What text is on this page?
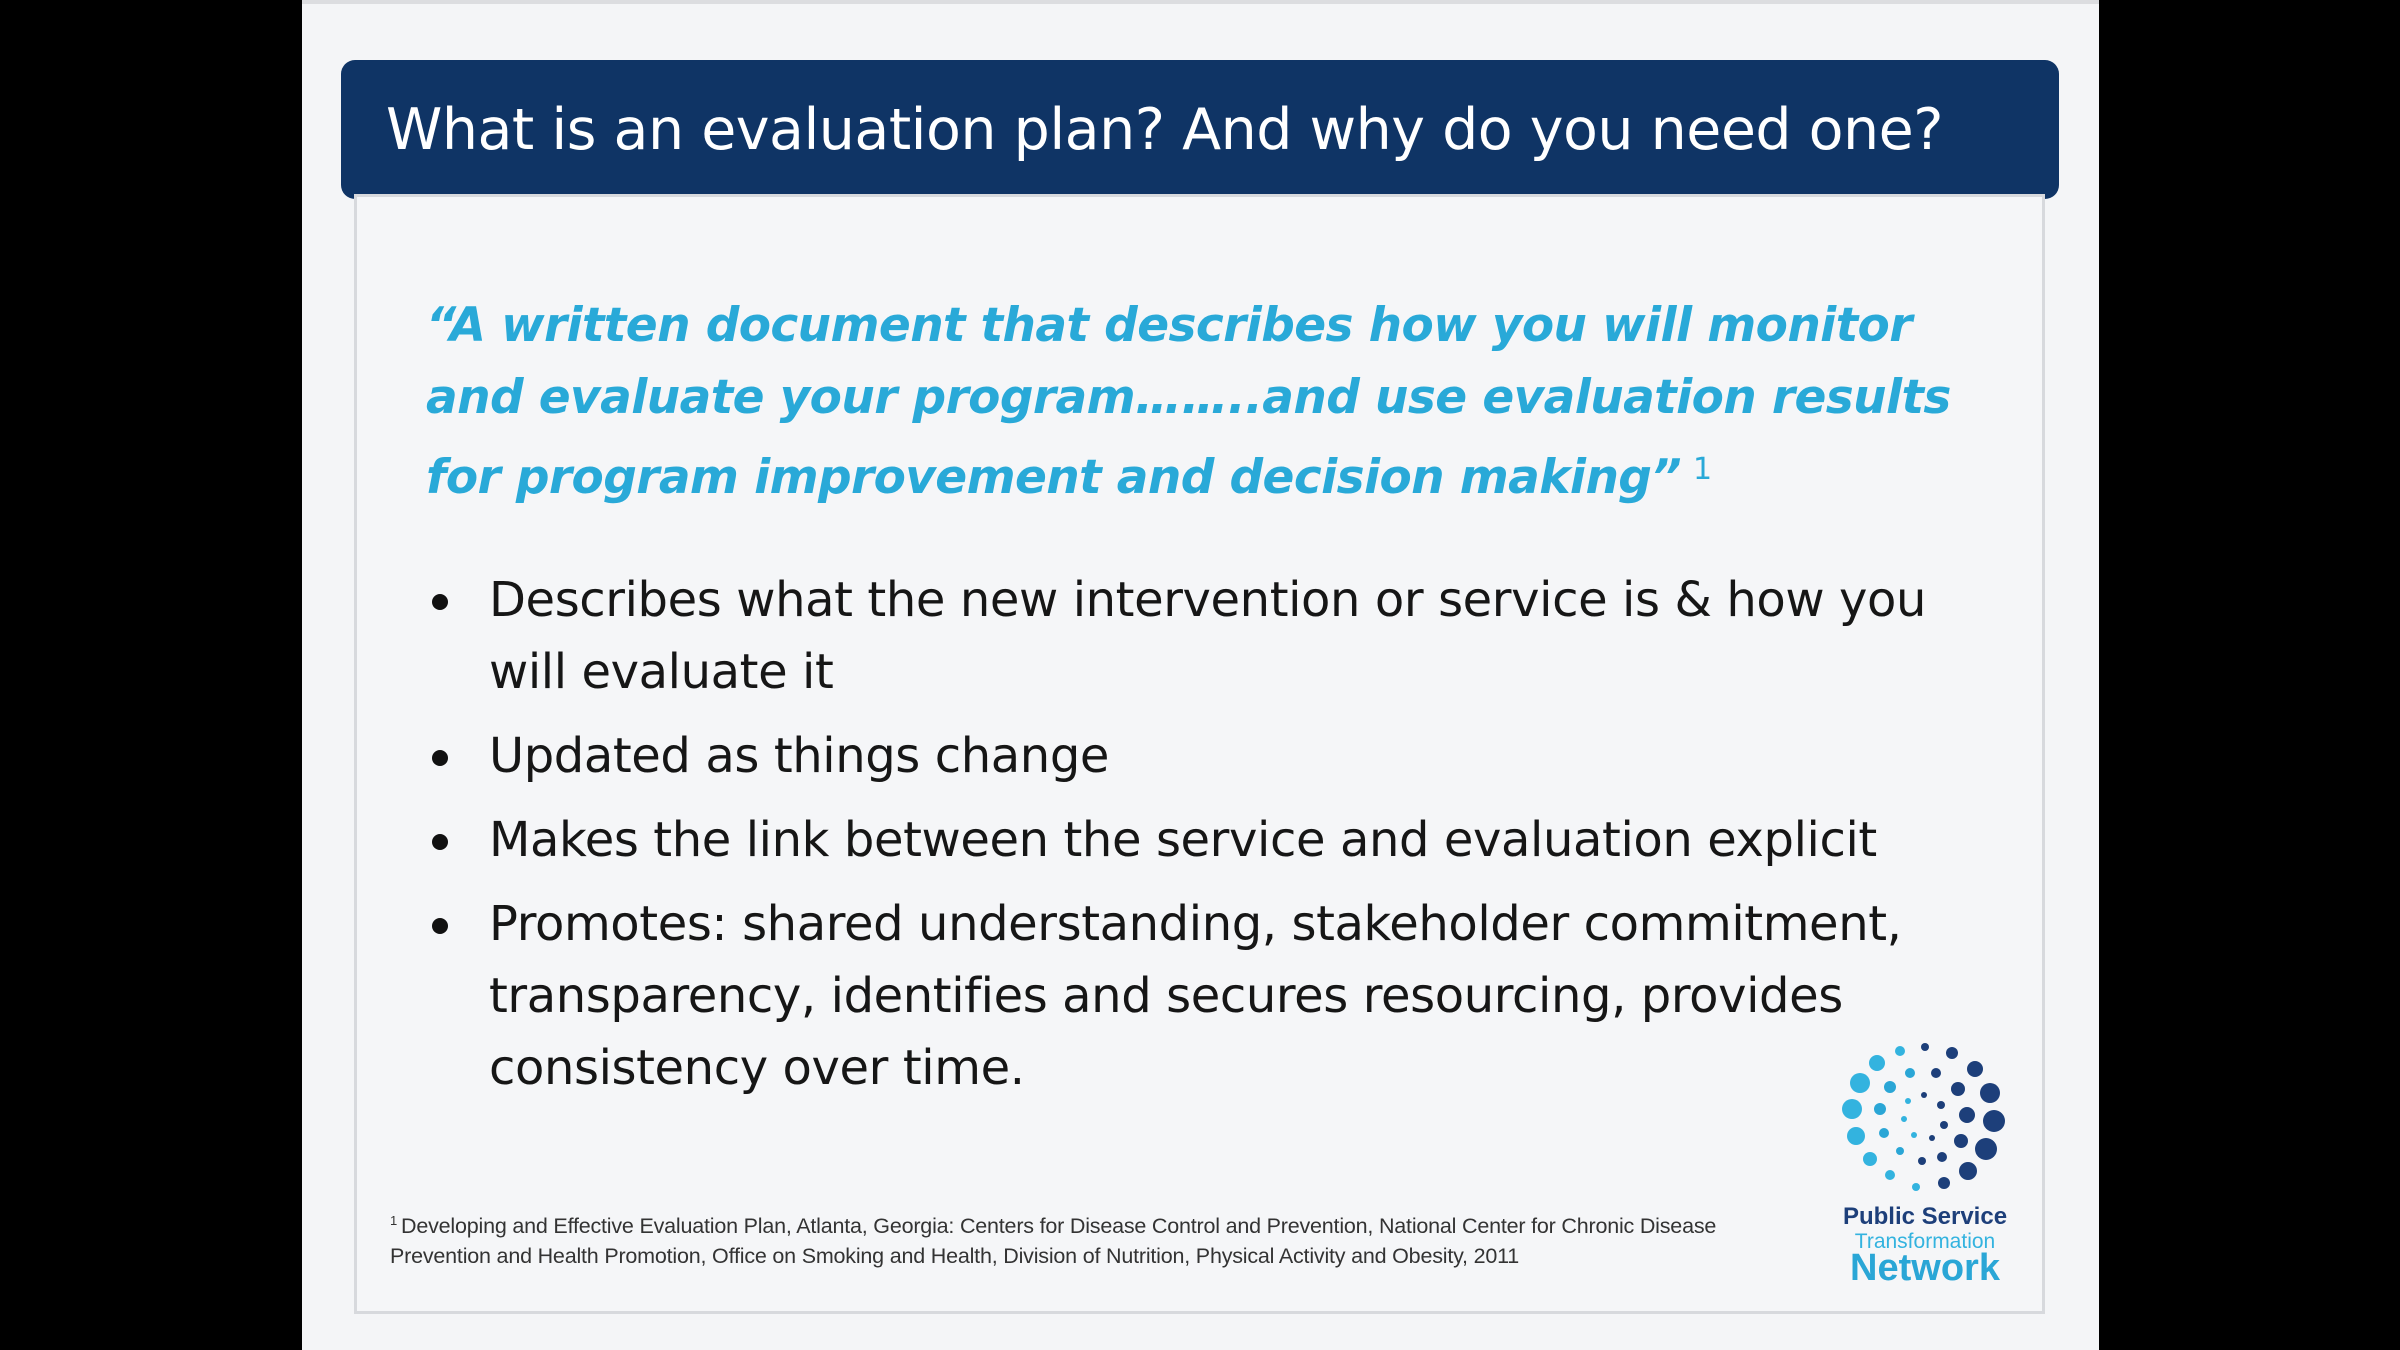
What is an evaluation plan? And why do you need one?
“A written document that describes how you will monitor and evaluate your program……..and use evaluation results for program improvement and decision making” $^1$
Describes what the new intervention or service is & how you will evaluate it
Updated as things change
Makes the link between the service and evaluation explicit
Promotes: shared understanding, stakeholder commitment, transparency, identifies and secures resourcing, provides consistency over time.
$^1$ Developing and Effective Evaluation Plan, Atlanta, Georgia: Centers for Disease Control and Prevention, National Center for Chronic Disease Prevention and Health Promotion, Office on Smoking and Health, Division of Nutrition, Physical Activity and Obesity, 2011
Public Service
Transformation
Network
